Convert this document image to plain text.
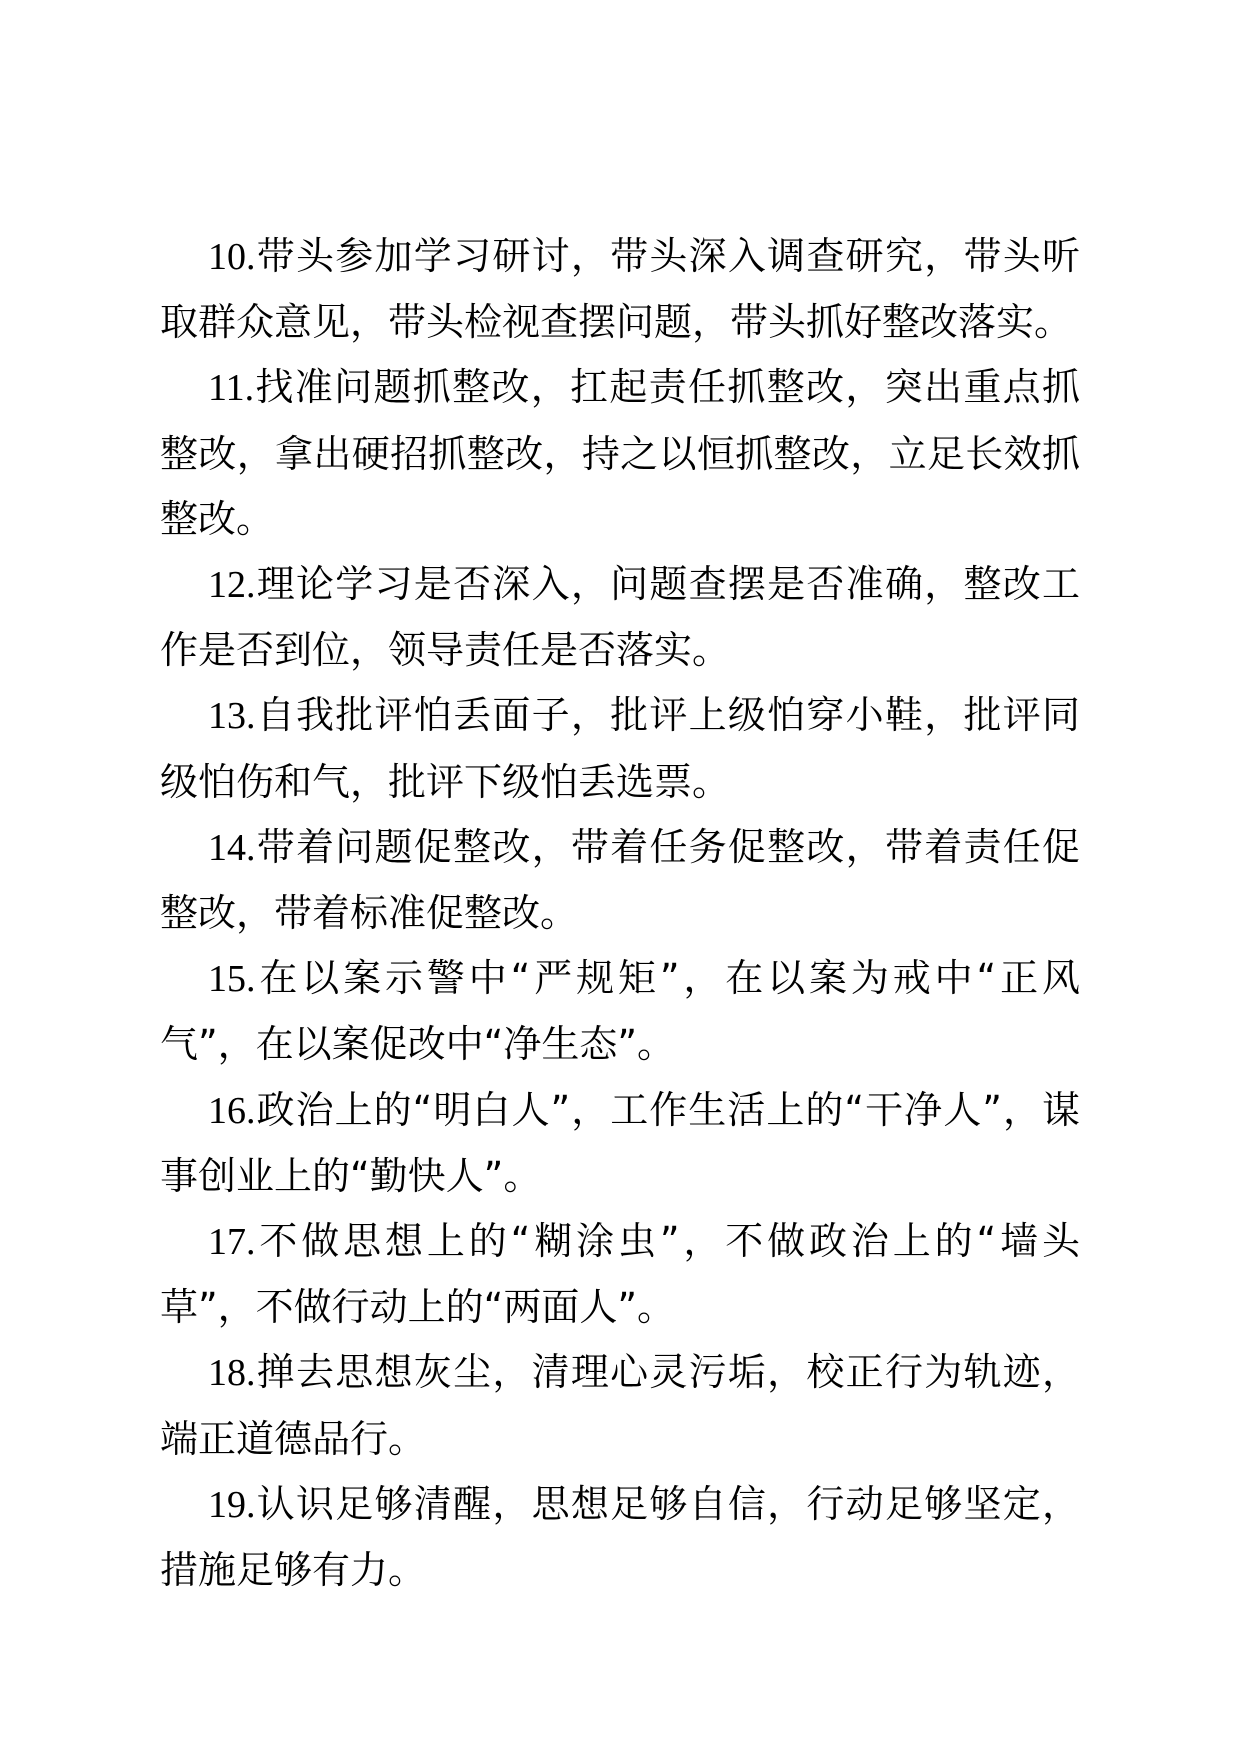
10.带头参加学习研讨，带头深入调查研究，带头听取群众意见，带头检视查摆问题，带头抓好整改落实。

11.找准问题抓整改，扛起责任抓整改，突出重点抓整改，拿出硬招抓整改，持之以恒抓整改，立足长效抓整改。

12.理论学习是否深入，问题查摆是否准确，整改工作是否到位，领导责任是否落实。

13.自我批评怕丢面子，批评上级怕穿小鞋，批评同级怕伤和气，批评下级怕丢选票。

14.带着问题促整改，带着任务促整改，带着责任促整改，带着标准促整改。

15.在以案示警中“严规矩”，在以案为戒中“正风气”，在以案促改中“净生态”。

16.政治上的“明白人”，工作生活上的“干净人”，谋事创业上的“勤快人”。

17.不做思想上的“糊涂虫”，不做政治上的“墙头草”，不做行动上的“两面人”。

18.掸去思想灰尘，清理心灵污垢，校正行为轨迹，端正道德品行。

19.认识足够清醒，思想足够自信，行动足够坚定，措施足够有力。
